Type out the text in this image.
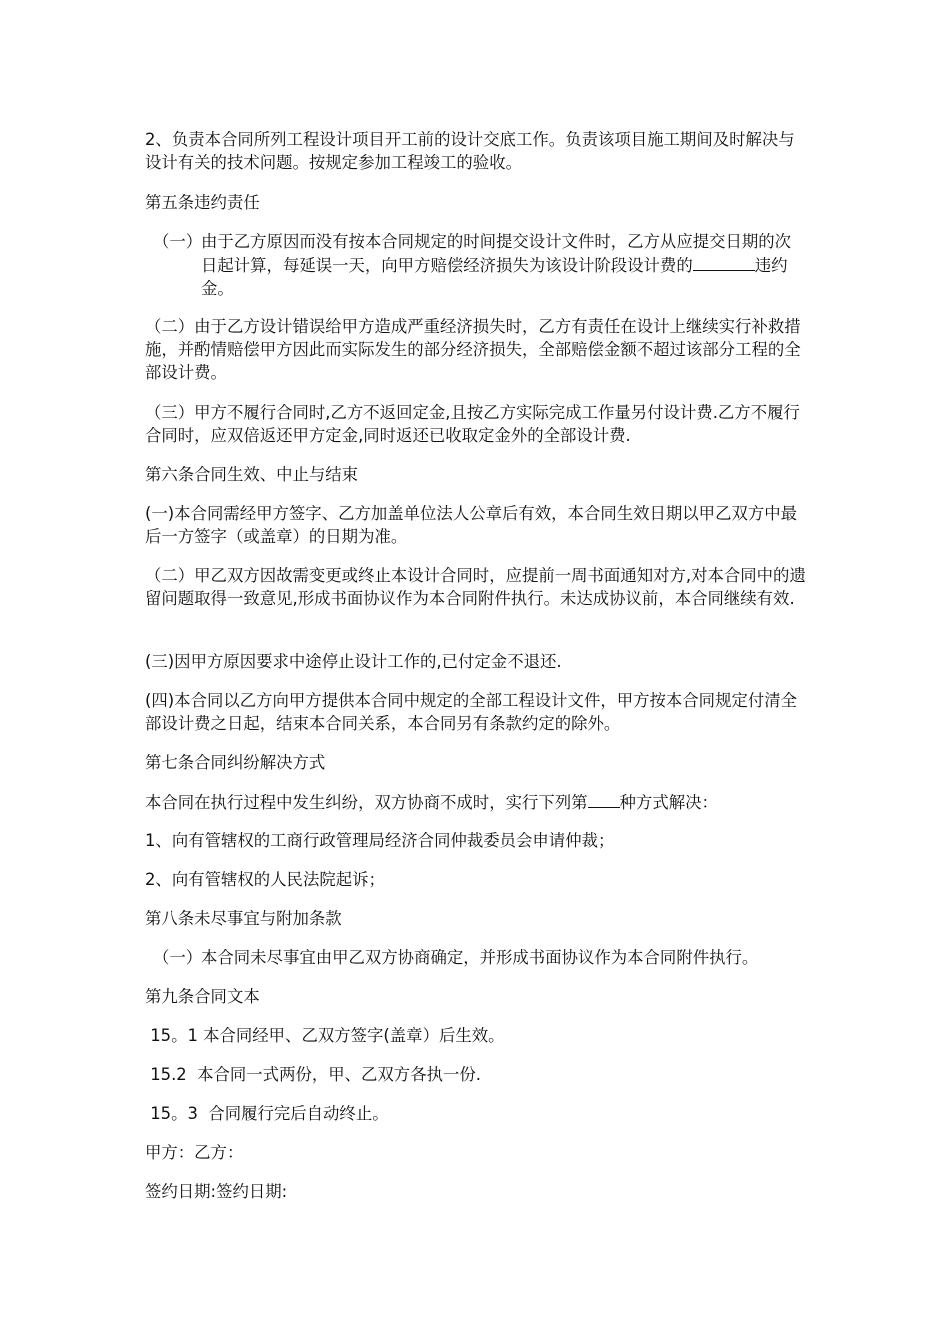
2、负责本合同所列工程设计项目开工前的设计交底工作。负责该项目施工期间及时解决与设计有关的技术问题。按规定参加工程竣工的验收。

第五条违约责任

（一）
由于乙方原因而没有按本合同规定的时间提交设计文件时，乙方从应提交日期的次日起计算，每延误一天，向甲方赔偿经济损失为该设计阶段设计费的	违约金。

（二）由于乙方设计错误给甲方造成严重经济损失时，乙方有责任在设计上继续实行补救措施，并酌情赔偿甲方因此而实际发生的部分经济损失，全部赔偿金额不超过该部分工程的全部设计费。

（三）甲方不履行合同时,乙方不返回定金,且按乙方实际完成工作量另付设计费.乙方不履行合同时，应双倍返还甲方定金,同时返还已收取定金外的全部设计费.

第六条合同生效、中止与结束

(一)本合同需经甲方签字、乙方加盖单位法人公章后有效，本合同生效日期以甲乙双方中最后一方签字（或盖章）的日期为准。

（二）甲乙双方因故需变更或终止本设计合同时，应提前一周书面通知对方,对本合同中的遗留问题取得一致意见,形成书面协议作为本合同附件执行。未达成协议前，本合同继续有效.

(三)因甲方原因要求中途停止设计工作的,已付定金不退还.

(四)本合同以乙方向甲方提供本合同中规定的全部工程设计文件，甲方按本合同规定付清全部设计费之日起，结束本合同关系，本合同另有条款约定的除外。

第七条合同纠纷解决方式

本合同在执行过程中发生纠纷，双方协商不成时，实行下列第 种方式解决：

1、向有管辖权的工商行政管理局经济合同仲裁委员会申请仲裁；

2、向有管辖权的人民法院起诉；

第八条未尽事宜与附加条款

（一）
本合同未尽事宜由甲乙双方协商确定，并形成书面协议作为本合同附件执行。

第九条合同文本

15。1 本合同经甲、乙双方签字(盖章）后生效。

15.2  本合同一式两份，甲、乙双方各执一份.

15。3  合同履行完后自动终止。

甲方：乙方：

签约日期:签约日期:
